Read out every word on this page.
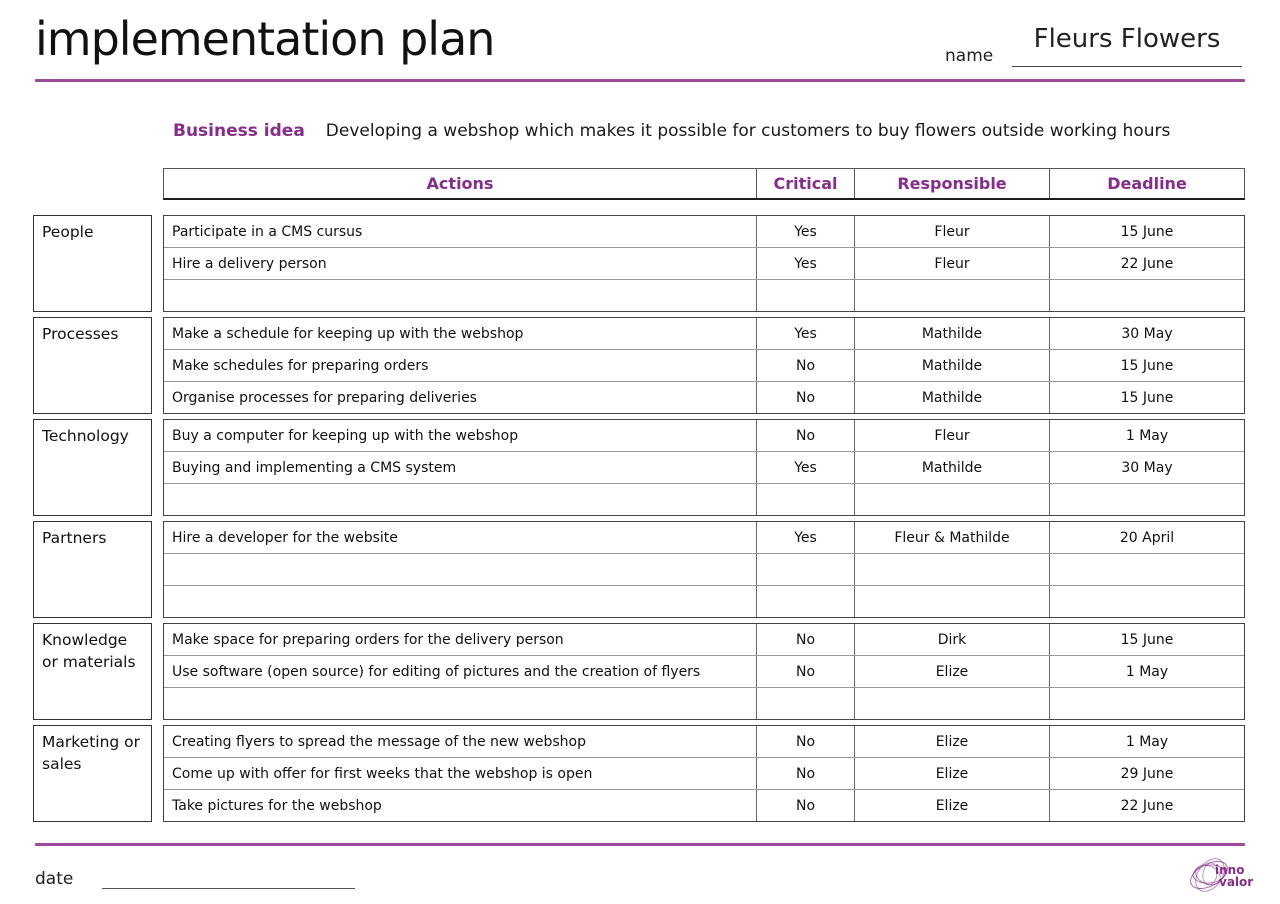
implementation plan	name
Fleurs Flowers
Business idea Developing a webshop which makes it possible for customers to buy flowers outside working hours
Actions	Critical	Responsible	Deadline
People	Participate in a CMS cursus	Yes	Fleur	15 June
Hire a delivery person	Yes	Fleur	22 June
Processes	Make a schedule for keeping up with the webshop	Yes	Mathilde	30 May
Make schedules for preparing orders	No	Mathilde	15 June
Organise processes for preparing deliveries	No	Mathilde	15 June
Technology	Buy a computer for keeping up with the webshop	No	Fleur	1 May
Buying and implementing a CMS system	Yes	Mathilde	30 May
Partners	Hire a developer for the website	Yes	Fleur & Mathilde	20 April
Knowledge or materials
Make space for preparing orders for the delivery person	No	Dirk	15 June
Use software (open source) for editing of pictures and the creation of flyers	No	Elize	1 May
Marketing or sales
Creating flyers to spread the message of the new webshop	No	Elize	1 May
Come up with offer for first weeks that the webshop is open	No	Elize	29 June
Take pictures for the webshop	No	Elize	22 June
date	inno
valor
